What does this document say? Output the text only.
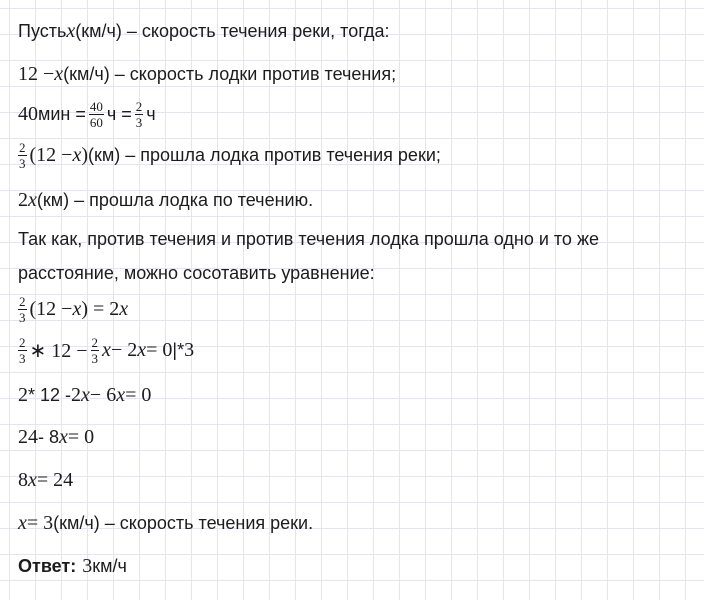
Пусть x (км/ч) – скорость течения реки, тогда:
12 − x (км/ч) – скорость лодки против течения;
40 мин = $\frac{40}{60}$ $ч = \frac{2}{3}$ ч
$\frac{2}{3} (12 - x$ ) (км) – прошла лодка против течения реки;
2 x (км) – прошла лодка по течению.
Так как, против течения и против течения лодка прошла одно и то же
расстояние, можно сосотавить уравнение:
$\frac{2}{3} (12 - x$ ) = 2 x
$\frac{2}{3}$ ∗ $12 - \frac{2}{3}$ x − 2 x = 0 |* 3
2 * 12 - 2 x − 6 x = 0
24 - 8 x = 0
8 x = 24
x = 3 (км/ч) – скорость течения реки.
Ответ: 3 км/ч
